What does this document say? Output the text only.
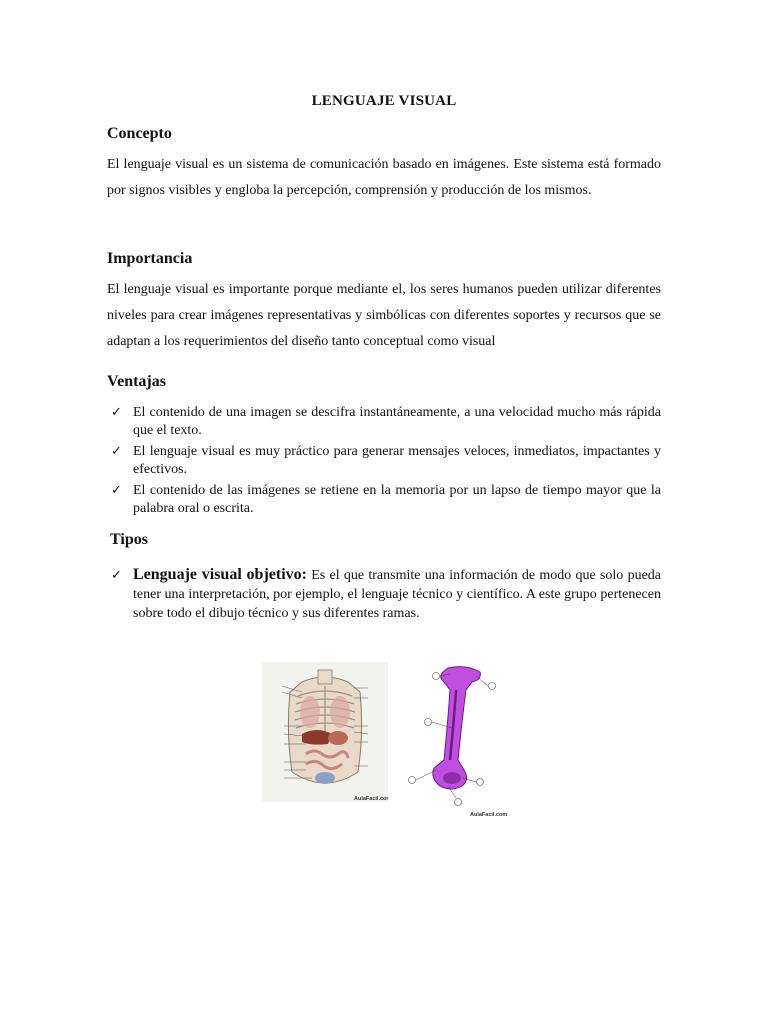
LENGUAJE VISUAL
Concepto

El lenguaje visual es un sistema de comunicación basado en imágenes. Este sistema está formado por signos visibles y engloba la percepción, comprensión y producción de los mismos.

Importancia

El lenguaje visual es importante porque mediante el, los seres humanos pueden utilizar diferentes niveles para crear imágenes representativas y simbólicas con diferentes soportes y recursos que se adaptan a los requerimientos del diseño tanto conceptual como visual

Ventajas
✓ El contenido de una imagen se descifra instantáneamente, a una velocidad mucho más rápida que el texto.
✓ El lenguaje visual es muy práctico para generar mensajes veloces, inmediatos, impactantes y efectivos.
✓ El contenido de las imágenes se retiene en la memoria por un lapso de tiempo mayor que la palabra oral o escrita.
Tipos
✓ Lenguaje visual objetivo: Es el que transmite una información de modo que solo pueda tener una interpretación, por ejemplo, el lenguaje técnico y científico. A este grupo pertenecen sobre todo el dibujo técnico y sus diferentes ramas.
AulaFacil.com
AulaFacil.com
